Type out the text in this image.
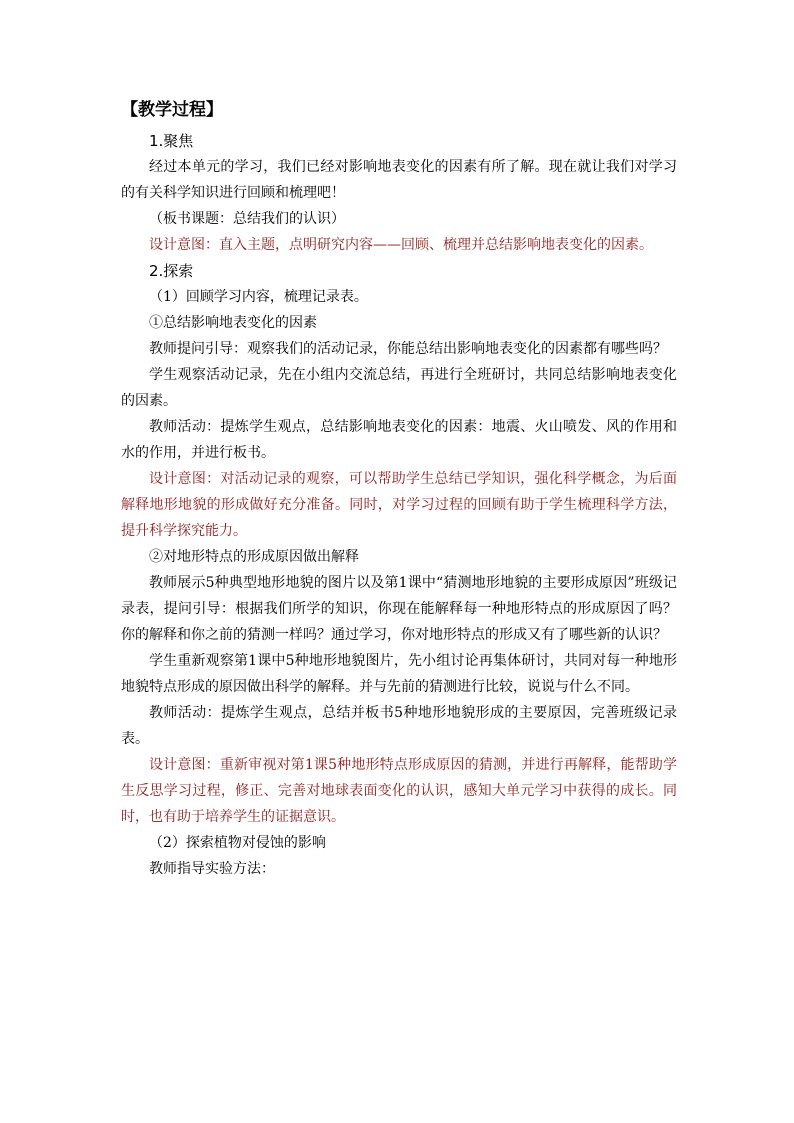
【教学过程】

1.聚焦

经过本单元的学习，我们已经对影响地表变化的因素有所了解。现在就让我们对学习的有关科学知识进行回顾和梳理吧！

（板书课题：总结我们的认识）

设计意图：直入主题，点明研究内容——回顾、梳理并总结影响地表变化的因素。

2.探索

（1）回顾学习内容，梳理记录表。

①总结影响地表变化的因素

教师提问引导：观察我们的活动记录，你能总结出影响地表变化的因素都有哪些吗？

学生观察活动记录，先在小组内交流总结，再进行全班研讨，共同总结影响地表变化的因素。

教师活动：提炼学生观点，总结影响地表变化的因素：地震、火山喷发、风的作用和水的作用，并进行板书。

设计意图：对活动记录的观察，可以帮助学生总结已学知识，强化科学概念，为后面解释地形地貌的形成做好充分准备。同时，对学习过程的回顾有助于学生梳理科学方法，提升科学探究能力。

②对地形特点的形成原因做出解释

教师展示5种典型地形地貌的图片以及第1课中“猜测地形地貌的主要形成原因”班级记录表，提问引导：根据我们所学的知识，你现在能解释每一种地形特点的形成原因了吗？你的解释和你之前的猜测一样吗？通过学习，你对地形特点的形成又有了哪些新的认识？

学生重新观察第1课中5种地形地貌图片，先小组讨论再集体研讨，共同对每一种地形地貌特点形成的原因做出科学的解释。并与先前的猜测进行比较，说说与什么不同。

教师活动：提炼学生观点，总结并板书5种地形地貌形成的主要原因，完善班级记录表。

设计意图：重新审视对第1课5种地形特点形成原因的猜测，并进行再解释，能帮助学生反思学习过程，修正、完善对地球表面变化的认识，感知大单元学习中获得的成长。同时，也有助于培养学生的证据意识。

（2）探索植物对侵蚀的影响

教师指导实验方法：
